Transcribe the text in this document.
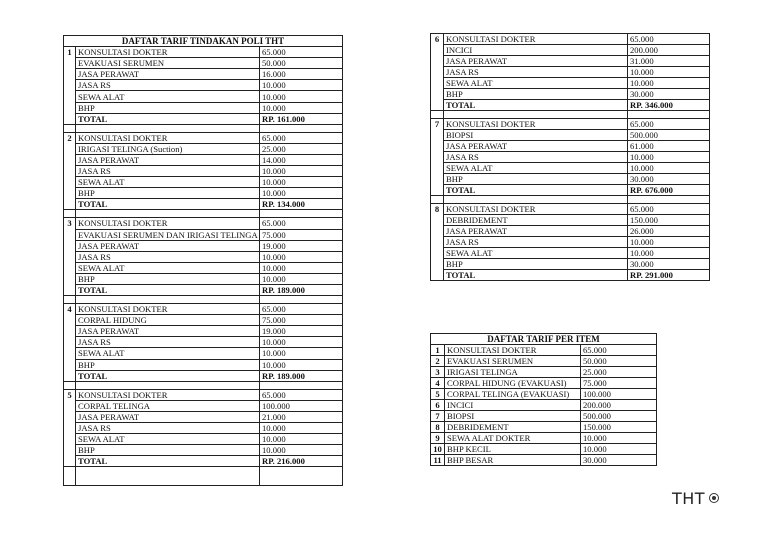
DAFTAR TARIF TINDAKAN POLI THT		
1	KONSULTASI DOKTER	65.000
	EVAKUASI SERUMEN	50.000
	JASA PERAWAT	16.000
	JASA RS	10.000
	SEWA ALAT	10.000
	BHP	10.000
	TOTAL	RP. 161.000

2	KONSULTASI DOKTER	65.000
	IRIGASI TELINGA (Suction)	25.000
	JASA PERAWAT	14.000
	JASA RS	10.000
	SEWA ALAT	10.000
	BHP	10.000
	TOTAL	RP. 134.000

3	KONSULTASI DOKTER	65.000
	EVAKUASI SERUMEN DAN IRIGASI TELINGA	75.000
	JASA PERAWAT	19.000
	JASA RS	10.000
	SEWA ALAT	10.000
	BHP	10.000
	TOTAL	RP. 189.000

4	KONSULTASI DOKTER	65.000
	CORPAL HIDUNG	75.000
	JASA PERAWAT	19.000
	JASA RS	10.000
	SEWA ALAT	10.000
	BHP	10.000
	TOTAL	RP. 189.000

5	KONSULTASI DOKTER	65.000
	CORPAL TELINGA	100.000
	JASA PERAWAT	21.000
	JASA RS	10.000
	SEWA ALAT	10.000
	BHP	10.000
	TOTAL	RP. 216.000

6	KONSULTASI DOKTER	65.000
	INCICI	200.000
	JASA PERAWAT	31.000
	JASA RS	10.000
	SEWA ALAT	10.000
	BHP	30.000
	TOTAL	RP. 346.000

7	KONSULTASI DOKTER	65.000
	BIOPSI	500.000
	JASA PERAWAT	61.000
	JASA RS	10.000
	SEWA ALAT	10.000
	BHP	30.000
	TOTAL	RP. 676.000

8	KONSULTASI DOKTER	65.000
	DEBRIDEMENT	150.000
	JASA PERAWAT	26.000
	JASA RS	10.000
	SEWA ALAT	10.000
	BHP	30.000
	TOTAL	RP. 291.000
DAFTAR TARIF PER ITEM		
1	KONSULTASI DOKTER	65.000
2	EVAKUASI SERUMEN	50.000
3	IRIGASI TELINGA	25.000
4	CORPAL HIDUNG (EVAKUASI)	75.000
5	CORPAL TELINGA (EVAKUASI)	100.000
6	INCICI	200.000
7	BIOPSI	500.000
8	DEBRIDEMENT	150.000
9	SEWA ALAT DOKTER	10.000
10	BHP KECIL	10.000
11	BHP BESAR	30.000
THT
